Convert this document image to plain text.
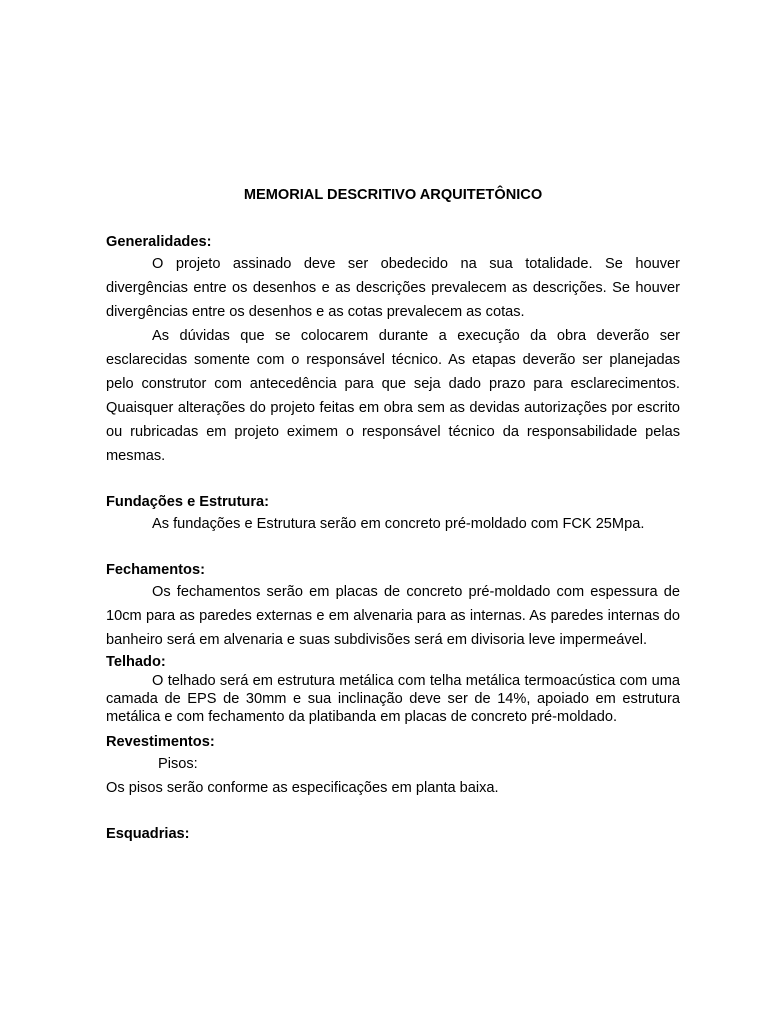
MEMORIAL DESCRITIVO ARQUITETÔNICO

Generalidades:

O projeto assinado deve ser obedecido na sua totalidade. Se houver divergências entre os desenhos e as descrições prevalecem as descrições. Se houver divergências entre os desenhos e as cotas prevalecem as cotas.

As dúvidas que se colocarem durante a execução da obra deverão ser esclarecidas somente com o responsável técnico. As etapas deverão ser planejadas pelo construtor com antecedência para que seja dado prazo para esclarecimentos. Quaisquer alterações do projeto feitas em obra sem as devidas autorizações por escrito ou rubricadas em projeto eximem o responsável técnico da responsabilidade pelas mesmas.

Fundações e Estrutura:

As fundações e Estrutura serão em concreto pré-moldado com FCK 25Mpa.

Fechamentos:

Os fechamentos serão em placas de concreto pré-moldado com espessura de 10cm para as paredes externas e em alvenaria para as internas. As paredes internas do banheiro será em alvenaria e suas subdivisões será em divisoria leve impermeável.

Telhado:

O telhado será em estrutura metálica com telha metálica termoacústica com uma camada de EPS de 30mm e sua inclinação deve ser de 14%, apoiado em estrutura metálica e com fechamento da platibanda em placas de concreto pré-moldado.

Revestimentos:

Pisos:

Os pisos serão conforme as especificações em planta baixa.

Esquadrias:
